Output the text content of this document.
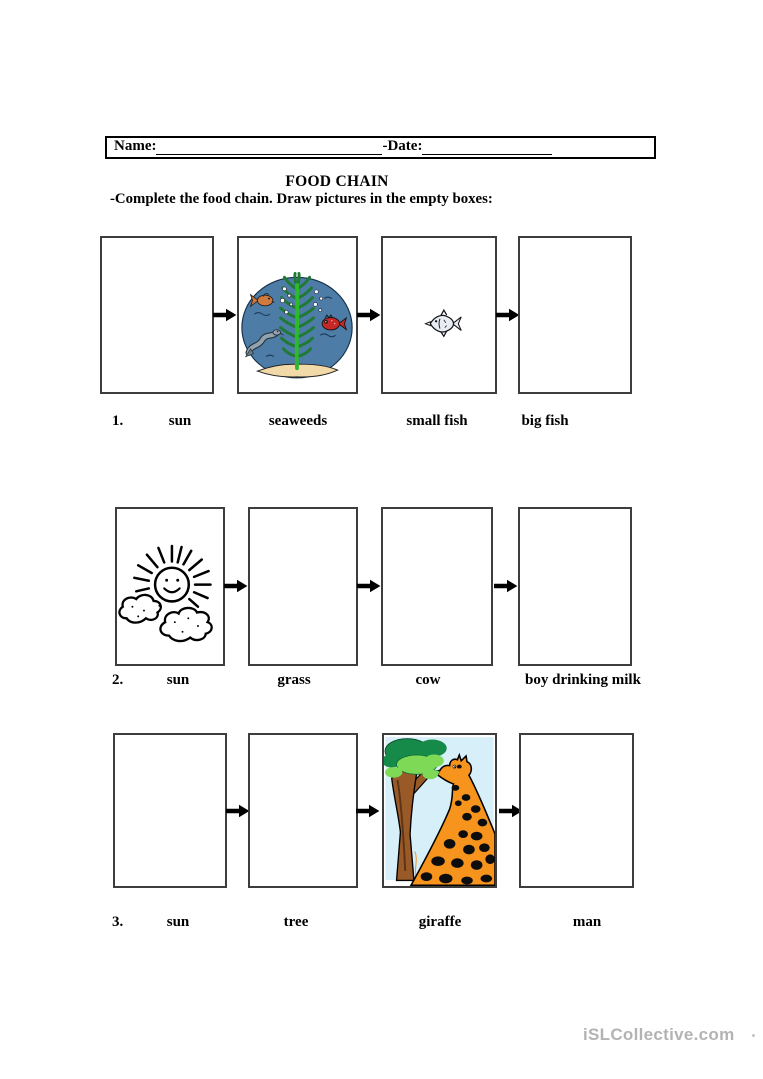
Name:	-Date:
FOOD CHAIN
-Complete the food chain. Draw pictures in the empty boxes:
1.	sun	seaweeds	small fish	big fish
2.	sun	grass	cow	boy drinking milk
3.	sun	tree	giraffe	man
iSLCollective.com
